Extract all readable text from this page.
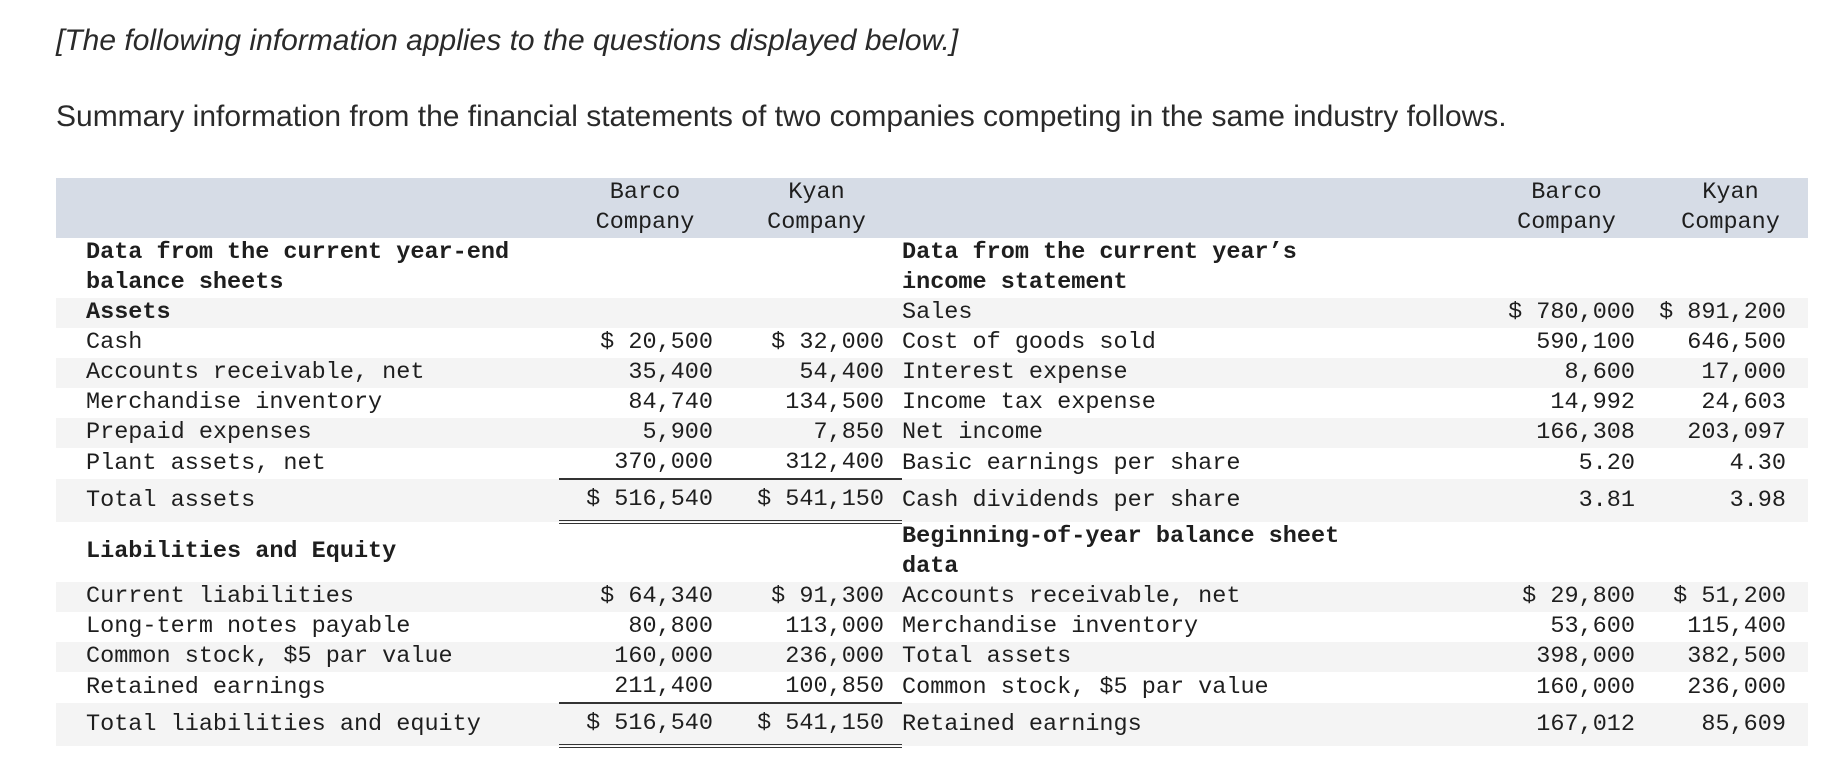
[The following information applies to the questions displayed below.]
Summary information from the financial statements of two companies competing in the same industry follows.

	Barco	Kyan		Barco	Kyan

	Company	Company		Company	Company
Data from the current year-end			Data from the current year’s		
balance sheets			income statement		
Assets			Sales	$ 780,000	$ 891,200
Cash	$ 20,500	$ 32,000	Cost of goods sold	590,100	646,500
Accounts receivable, net	35,400	54,400	Interest expense	8,600	17,000
Merchandise inventory	84,740	134,500	Income tax expense	14,992	24,603
Prepaid expenses	5,900	7,850	Net income	166,308	203,097
Plant assets, net	370,000	312,400	Basic earnings per share	5.20	4.30
Total assets	$ 516,540	$ 541,150	Cash dividends per share	3.81	3.98
Liabilities and Equity			Beginning-of-year balance sheet		
			data		
Current liabilities	$ 64,340	$ 91,300	Accounts receivable, net	$ 29,800	$ 51,200
Long-term notes payable	80,800	113,000	Merchandise inventory	53,600	115,400
Common stock, $5 par value	160,000	236,000	Total assets	398,000	382,500
Retained earnings	211,400	100,850	Common stock, $5 par value	160,000	236,000
Total liabilities and equity	$ 516,540	$ 541,150	Retained earnings	167,012	85,609
